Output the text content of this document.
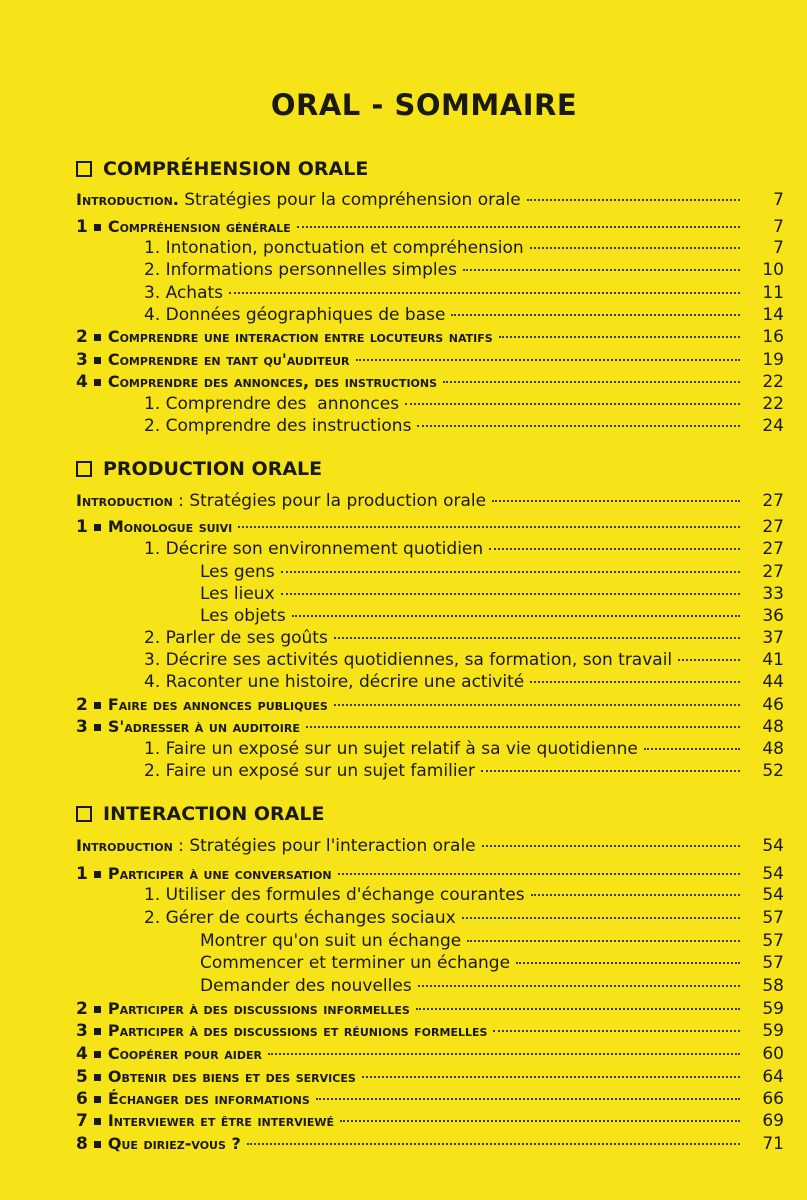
ORAL - SOMMAIRE
COMPRÉHENSION ORALE
Introduction. Stratégies pour la compréhension orale	7
1 Compréhension générale	7
1. Intonation, ponctuation et compréhension	7
2. Informations personnelles simples	10
3. Achats	11
4. Données géographiques de base	14
2 Comprendre une interaction entre locuteurs natifs	16
3 Comprendre en tant qu'auditeur	19
4 Comprendre des annonces, des instructions	22
1. Comprendre des  annonces	22
2. Comprendre des instructions	24
PRODUCTION ORALE
Introduction : Stratégies pour la production orale	27
1 Monologue suivi	27
1. Décrire son environnement quotidien	27
Les gens	27
Les lieux	33
Les objets	36
2. Parler de ses goûts	37
3. Décrire ses activités quotidiennes, sa formation, son travail	41
4. Raconter une histoire, décrire une activité	44
2 Faire des annonces publiques	46
3 S'adresser à un auditoire	48
1. Faire un exposé sur un sujet relatif à sa vie quotidienne	48
2. Faire un exposé sur un sujet familier	52
INTERACTION ORALE
Introduction : Stratégies pour l'interaction orale	54
1 Participer à une conversation	54
1. Utiliser des formules d'échange courantes	54
2. Gérer de courts échanges sociaux	57
Montrer qu'on suit un échange	57
Commencer et terminer un échange	57
Demander des nouvelles	58
2 Participer à des discussions informelles	59
3 Participer à des discussions et réunions formelles	59
4 Coopérer pour aider	60
5 Obtenir des biens et des services	64
6 Échanger des informations	66
7 Interviewer et être interviewé	69
8 Que diriez-vous ?	71
